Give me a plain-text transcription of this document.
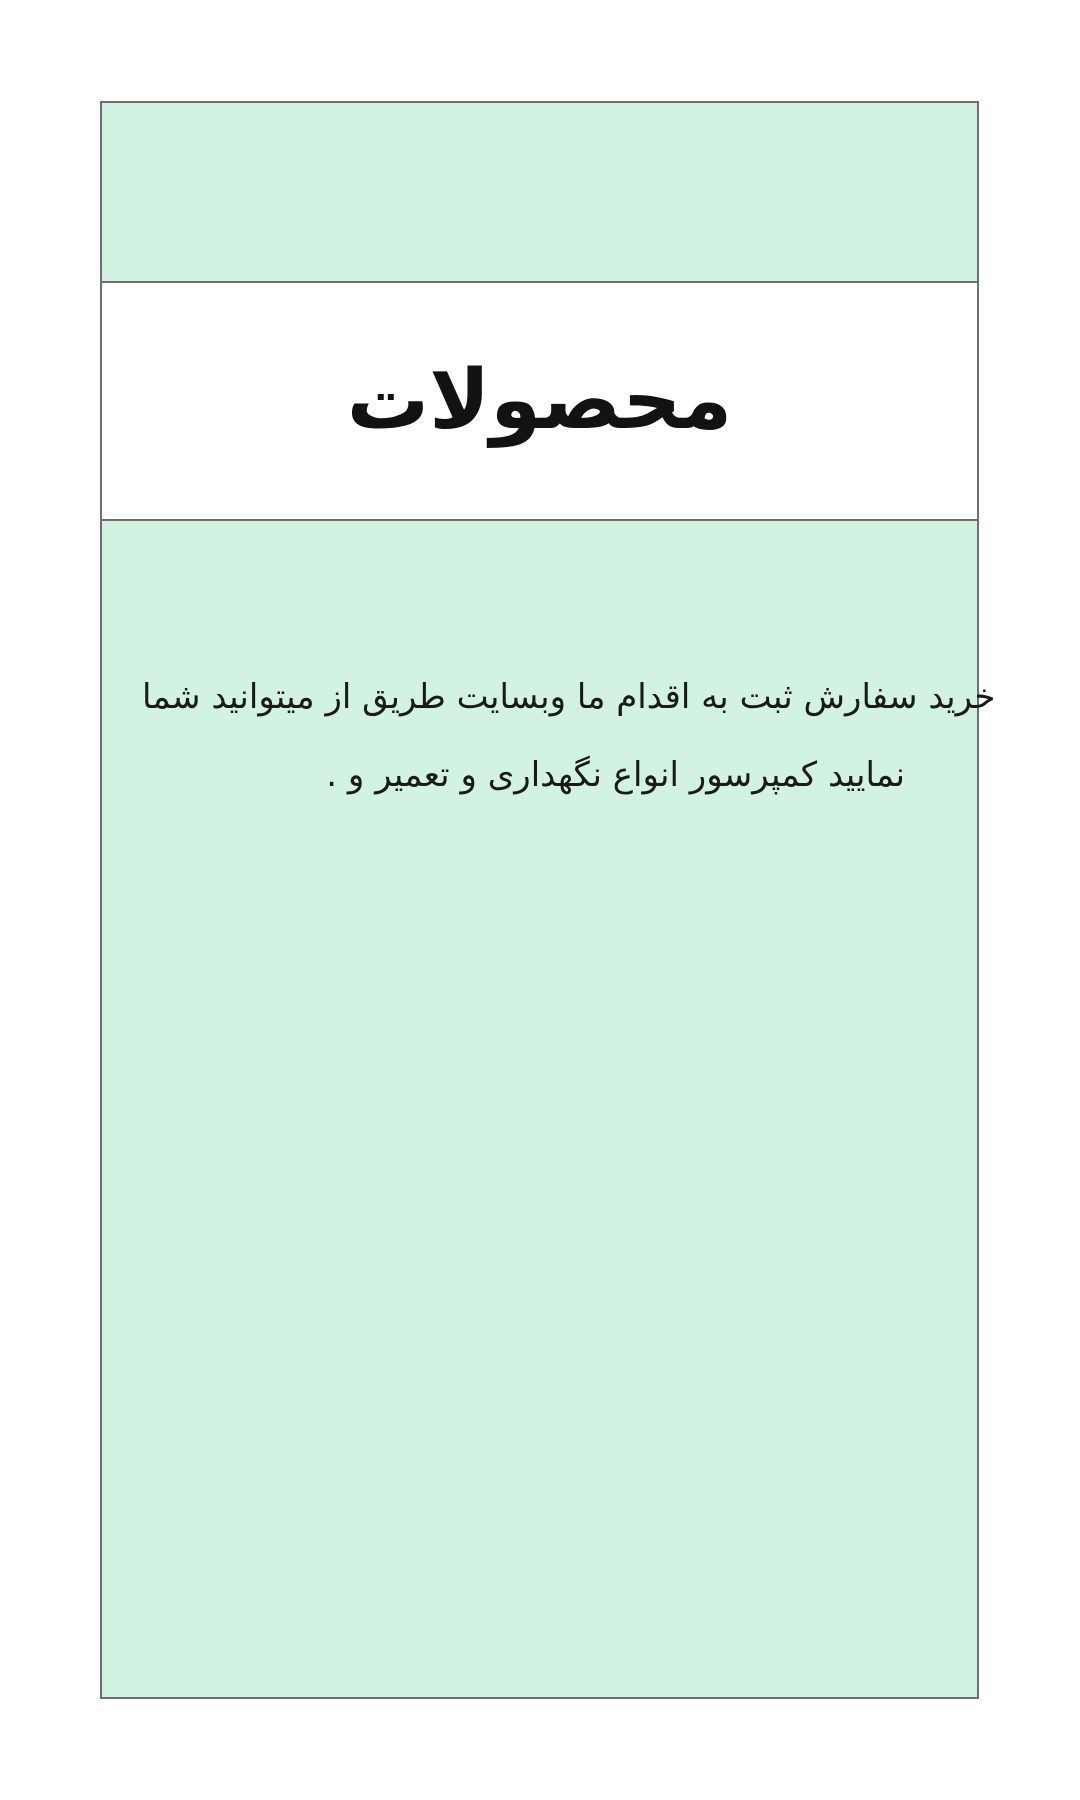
محصولات
شما میتوانید از طریق وبسایت ما اقدام به ثبت سفارش خرید
. و تعمیر و نگهداری انواع کمپرسور نمایید
